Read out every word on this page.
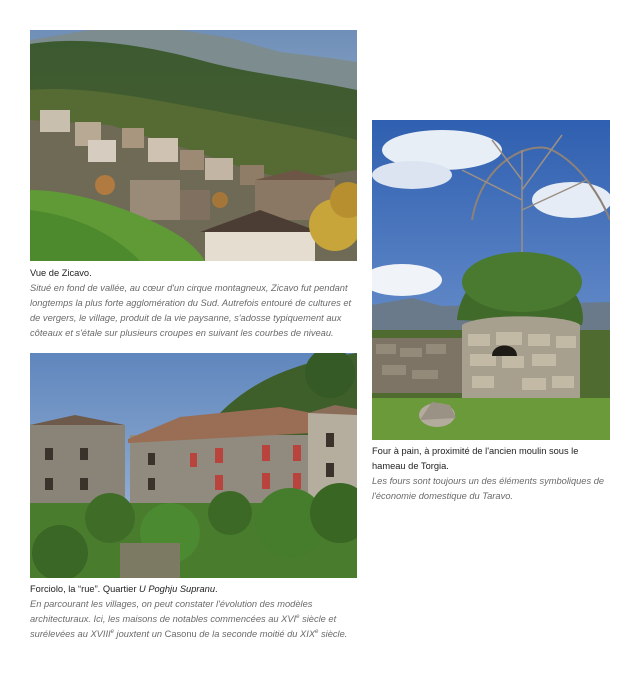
Vue de Zicavo.
Situé en fond de vallée, au cœur d'un cirque montagneux, Zicavo fut pendant longtemps la plus forte agglomération du Sud. Autrefois entouré de cultures et de vergers, le village, produit de la vie paysanne, s'adosse typiquement aux côteaux et s'étale sur plusieurs croupes en suivant les courbes de niveau.
Four à pain, à proximité de l'ancien moulin sous le hameau de Torgia.
Les fours sont toujours un des éléments symboliques de l'économie domestique du Taravo.
Forciolo, la “rue”. Quartier U Poghju Supranu.
En parcourant les villages, on peut constater l'évolution des modèles architecturaux. Ici, les maisons de notables commencées au XVIe siècle et surélevées au XVIIIe jouxtent un Casonu de la seconde moitié du XIXe siècle.
